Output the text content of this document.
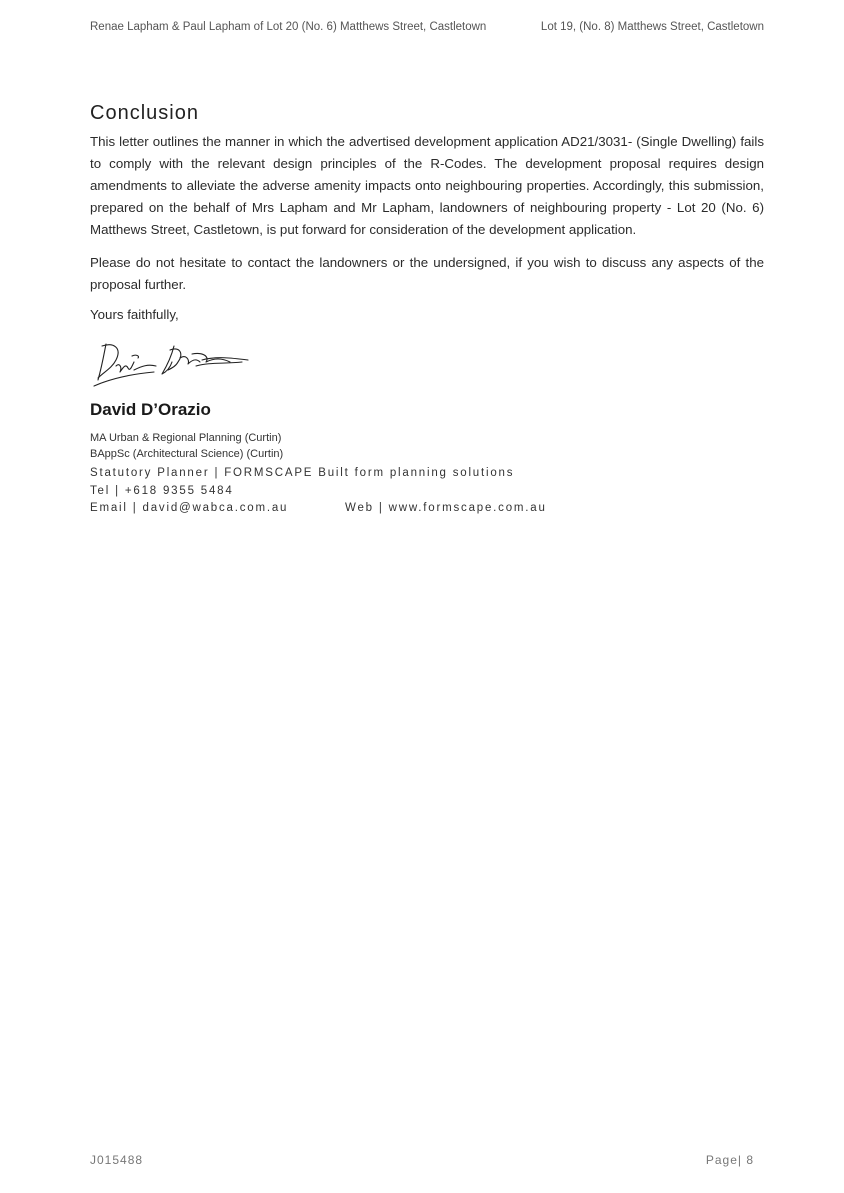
Renae Lapham & Paul Lapham of Lot 20 (No. 6) Matthews Street, Castletown	Lot 19, (No. 8) Matthews Street, Castletown
Conclusion

This letter outlines the manner in which the advertised development application AD21/3031- (Single Dwelling) fails to comply with the relevant design principles of the R-Codes. The development proposal requires design amendments to alleviate the adverse amenity impacts onto neighbouring properties. Accordingly, this submission, prepared on the behalf of Mrs Lapham and Mr Lapham, landowners of neighbouring property - Lot 20 (No. 6) Matthews Street, Castletown, is put forward for consideration of the development application.

Please do not hesitate to contact the landowners or the undersigned, if you wish to discuss any aspects of the proposal further.

Yours faithfully,

David D’Orazio

MA Urban & Regional Planning (Curtin)

BAppSc (Architectural Science) (Curtin)

Statutory Planner | FORMSCAPE Built form planning solutions

Tel | +618 9355 5484

Email | david@wabca.com.au	Web | www.formscape.com.au

J015488	Page| 8
